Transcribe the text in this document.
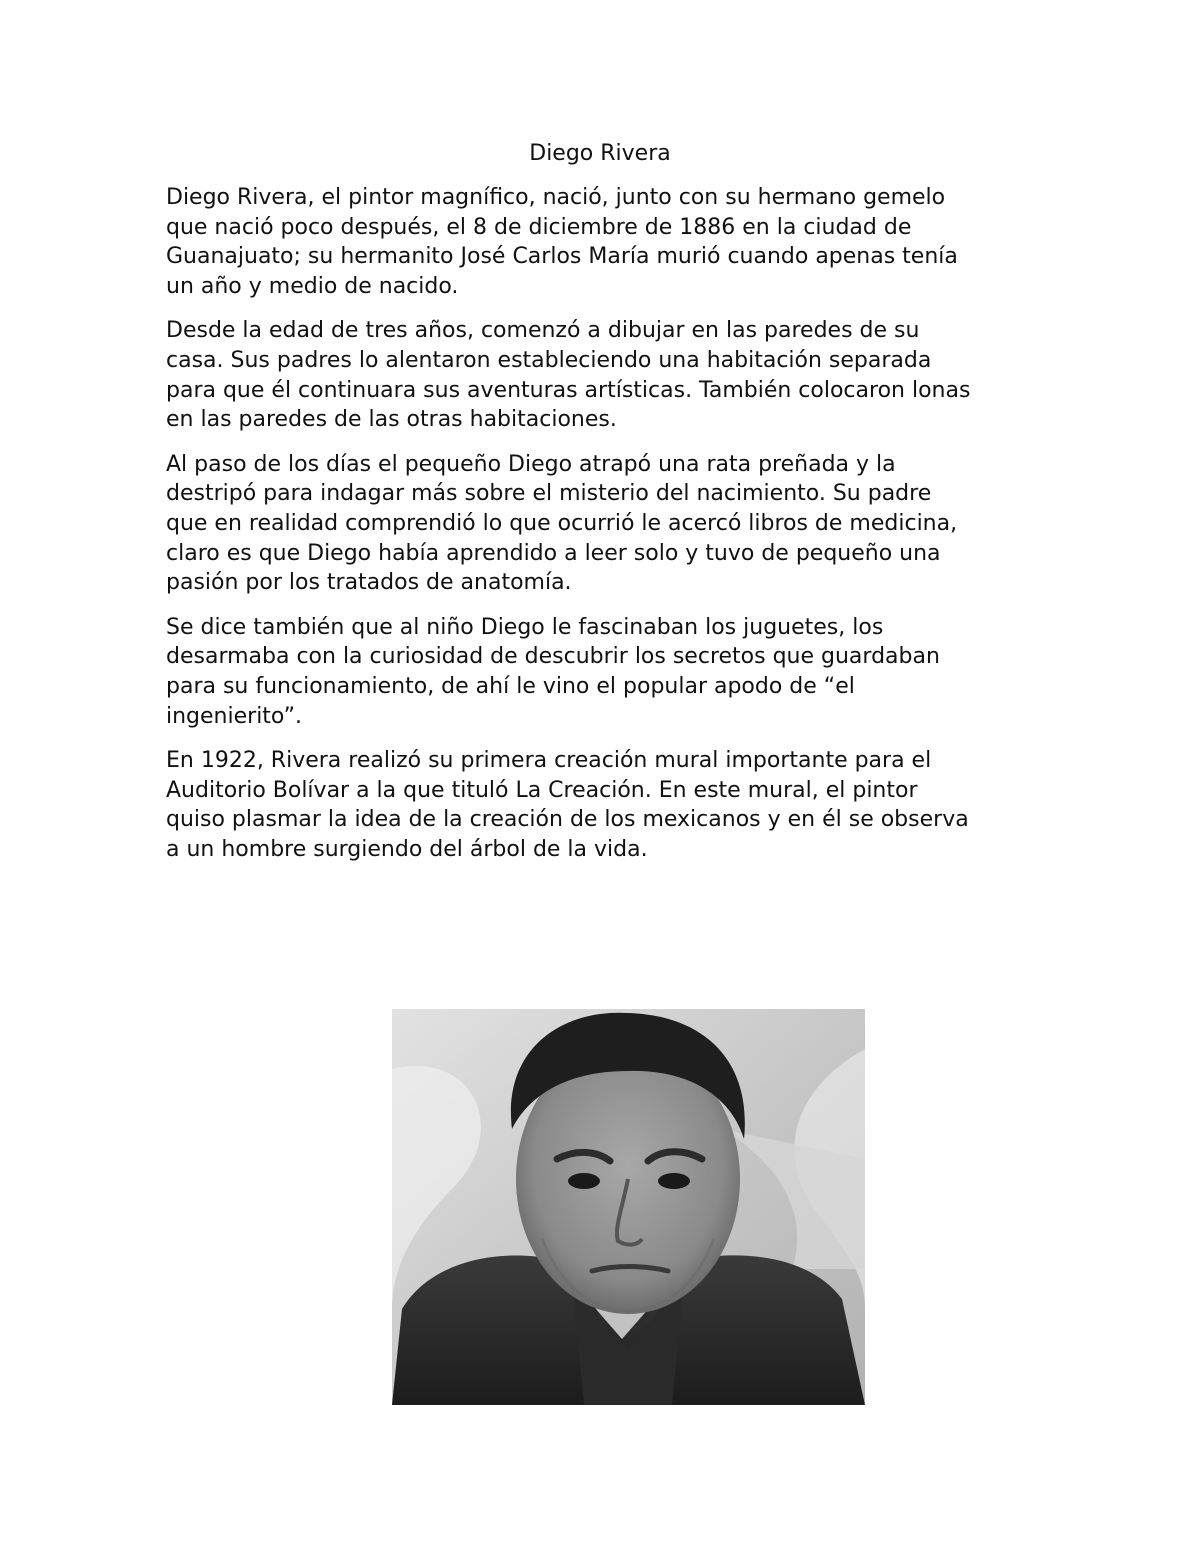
Diego Rivera

Diego Rivera, el pintor magnífico, nació, junto con su hermano gemelo
que nació poco después, el 8 de diciembre de 1886 en la ciudad de
Guanajuato; su hermanito José Carlos María murió cuando apenas tenía
un año y medio de nacido.

Desde la edad de tres años, comenzó a dibujar en las paredes de su
casa. Sus padres lo alentaron estableciendo una habitación separada
para que él continuara sus aventuras artísticas. También colocaron lonas
en las paredes de las otras habitaciones.

Al paso de los días el pequeño Diego atrapó una rata preñada y la
destripó para indagar más sobre el misterio del nacimiento. Su padre
que en realidad comprendió lo que ocurrió le acercó libros de medicina,
claro es que Diego había aprendido a leer solo y tuvo de pequeño una
pasión por los tratados de anatomía.

Se dice también que al niño Diego le fascinaban los juguetes, los
desarmaba con la curiosidad de descubrir los secretos que guardaban
para su funcionamiento, de ahí le vino el popular apodo de “el
ingenierito”.

En 1922, Rivera realizó su primera creación mural importante para el
Auditorio Bolívar a la que tituló La Creación. En este mural, el pintor
quiso plasmar la idea de la creación de los mexicanos y en él se observa
a un hombre surgiendo del árbol de la vida.
